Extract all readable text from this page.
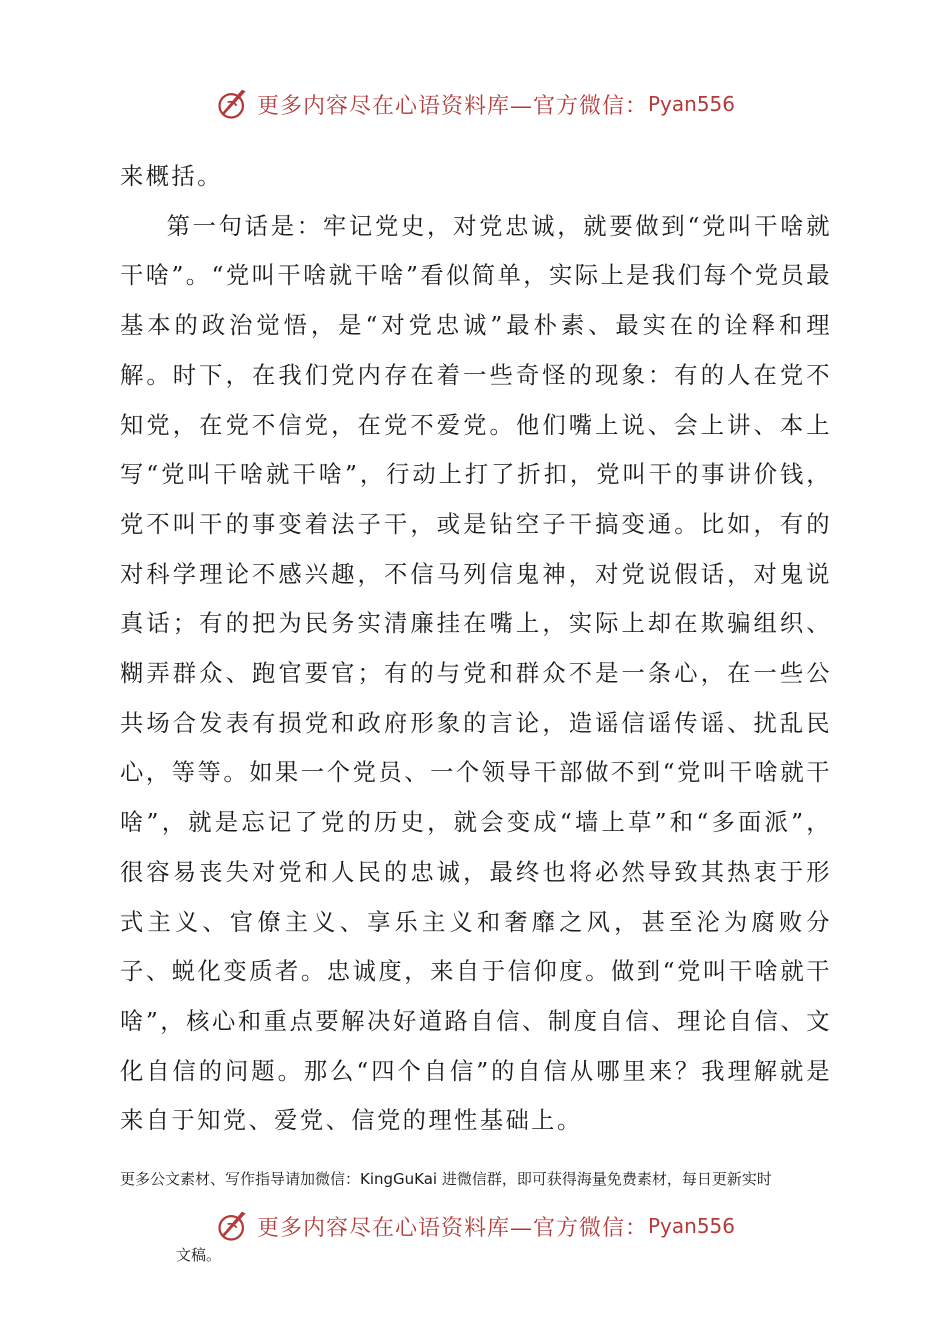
更多内容尽在心语资料库—官方微信： Pyan556

来概括。

第一句话是：牢记党史，对党忠诚，就要做到“党叫干啥就干啥”。“党叫干啥就干啥”看似简单，实际上是我们每个党员最基本的政治觉悟，是“对党忠诚”最朴素、最实在的诠释和理解。时下，在我们党内存在着一些奇怪的现象：有的人在党不知党，在党不信党，在党不爱党。他们嘴上说、会上讲、本上写“党叫干啥就干啥”，行动上打了折扣，党叫干的事讲价钱，党不叫干的事变着法子干，或是钻空子干搞变通。比如，有的对科学理论不感兴趣，不信马列信鬼神，对党说假话，对鬼说真话；有的把为民务实清廉挂在嘴上，实际上却在欺骗组织、糊弄群众、跑官要官；有的与党和群众不是一条心，在一些公共场合发表有损党和政府形象的言论，造谣信谣传谣、扰乱民心，等等。如果一个党员、一个领导干部做不到“党叫干啥就干啥”，就是忘记了党的历史，就会变成“墙上草”和“多面派”，很容易丧失对党和人民的忠诚，最终也将必然导致其热衷于形式主义、官僚主义、享乐主义和奢靡之风，甚至沦为腐败分子、蜕化变质者。忠诚度，来自于信仰度。做到“党叫干啥就干啥”，核心和重点要解决好道路自信、制度自信、理论自信、文化自信的问题。那么“四个自信”的自信从哪里来？我理解就是来自于知党、爱党、信党的理性基础上。

更多公文素材、写作指导请加微信：KingGuKai 进微信群，即可获得海量免费素材，每日更新实时
更多内容尽在心语资料库—官方微信： Pyan556
文稿。
